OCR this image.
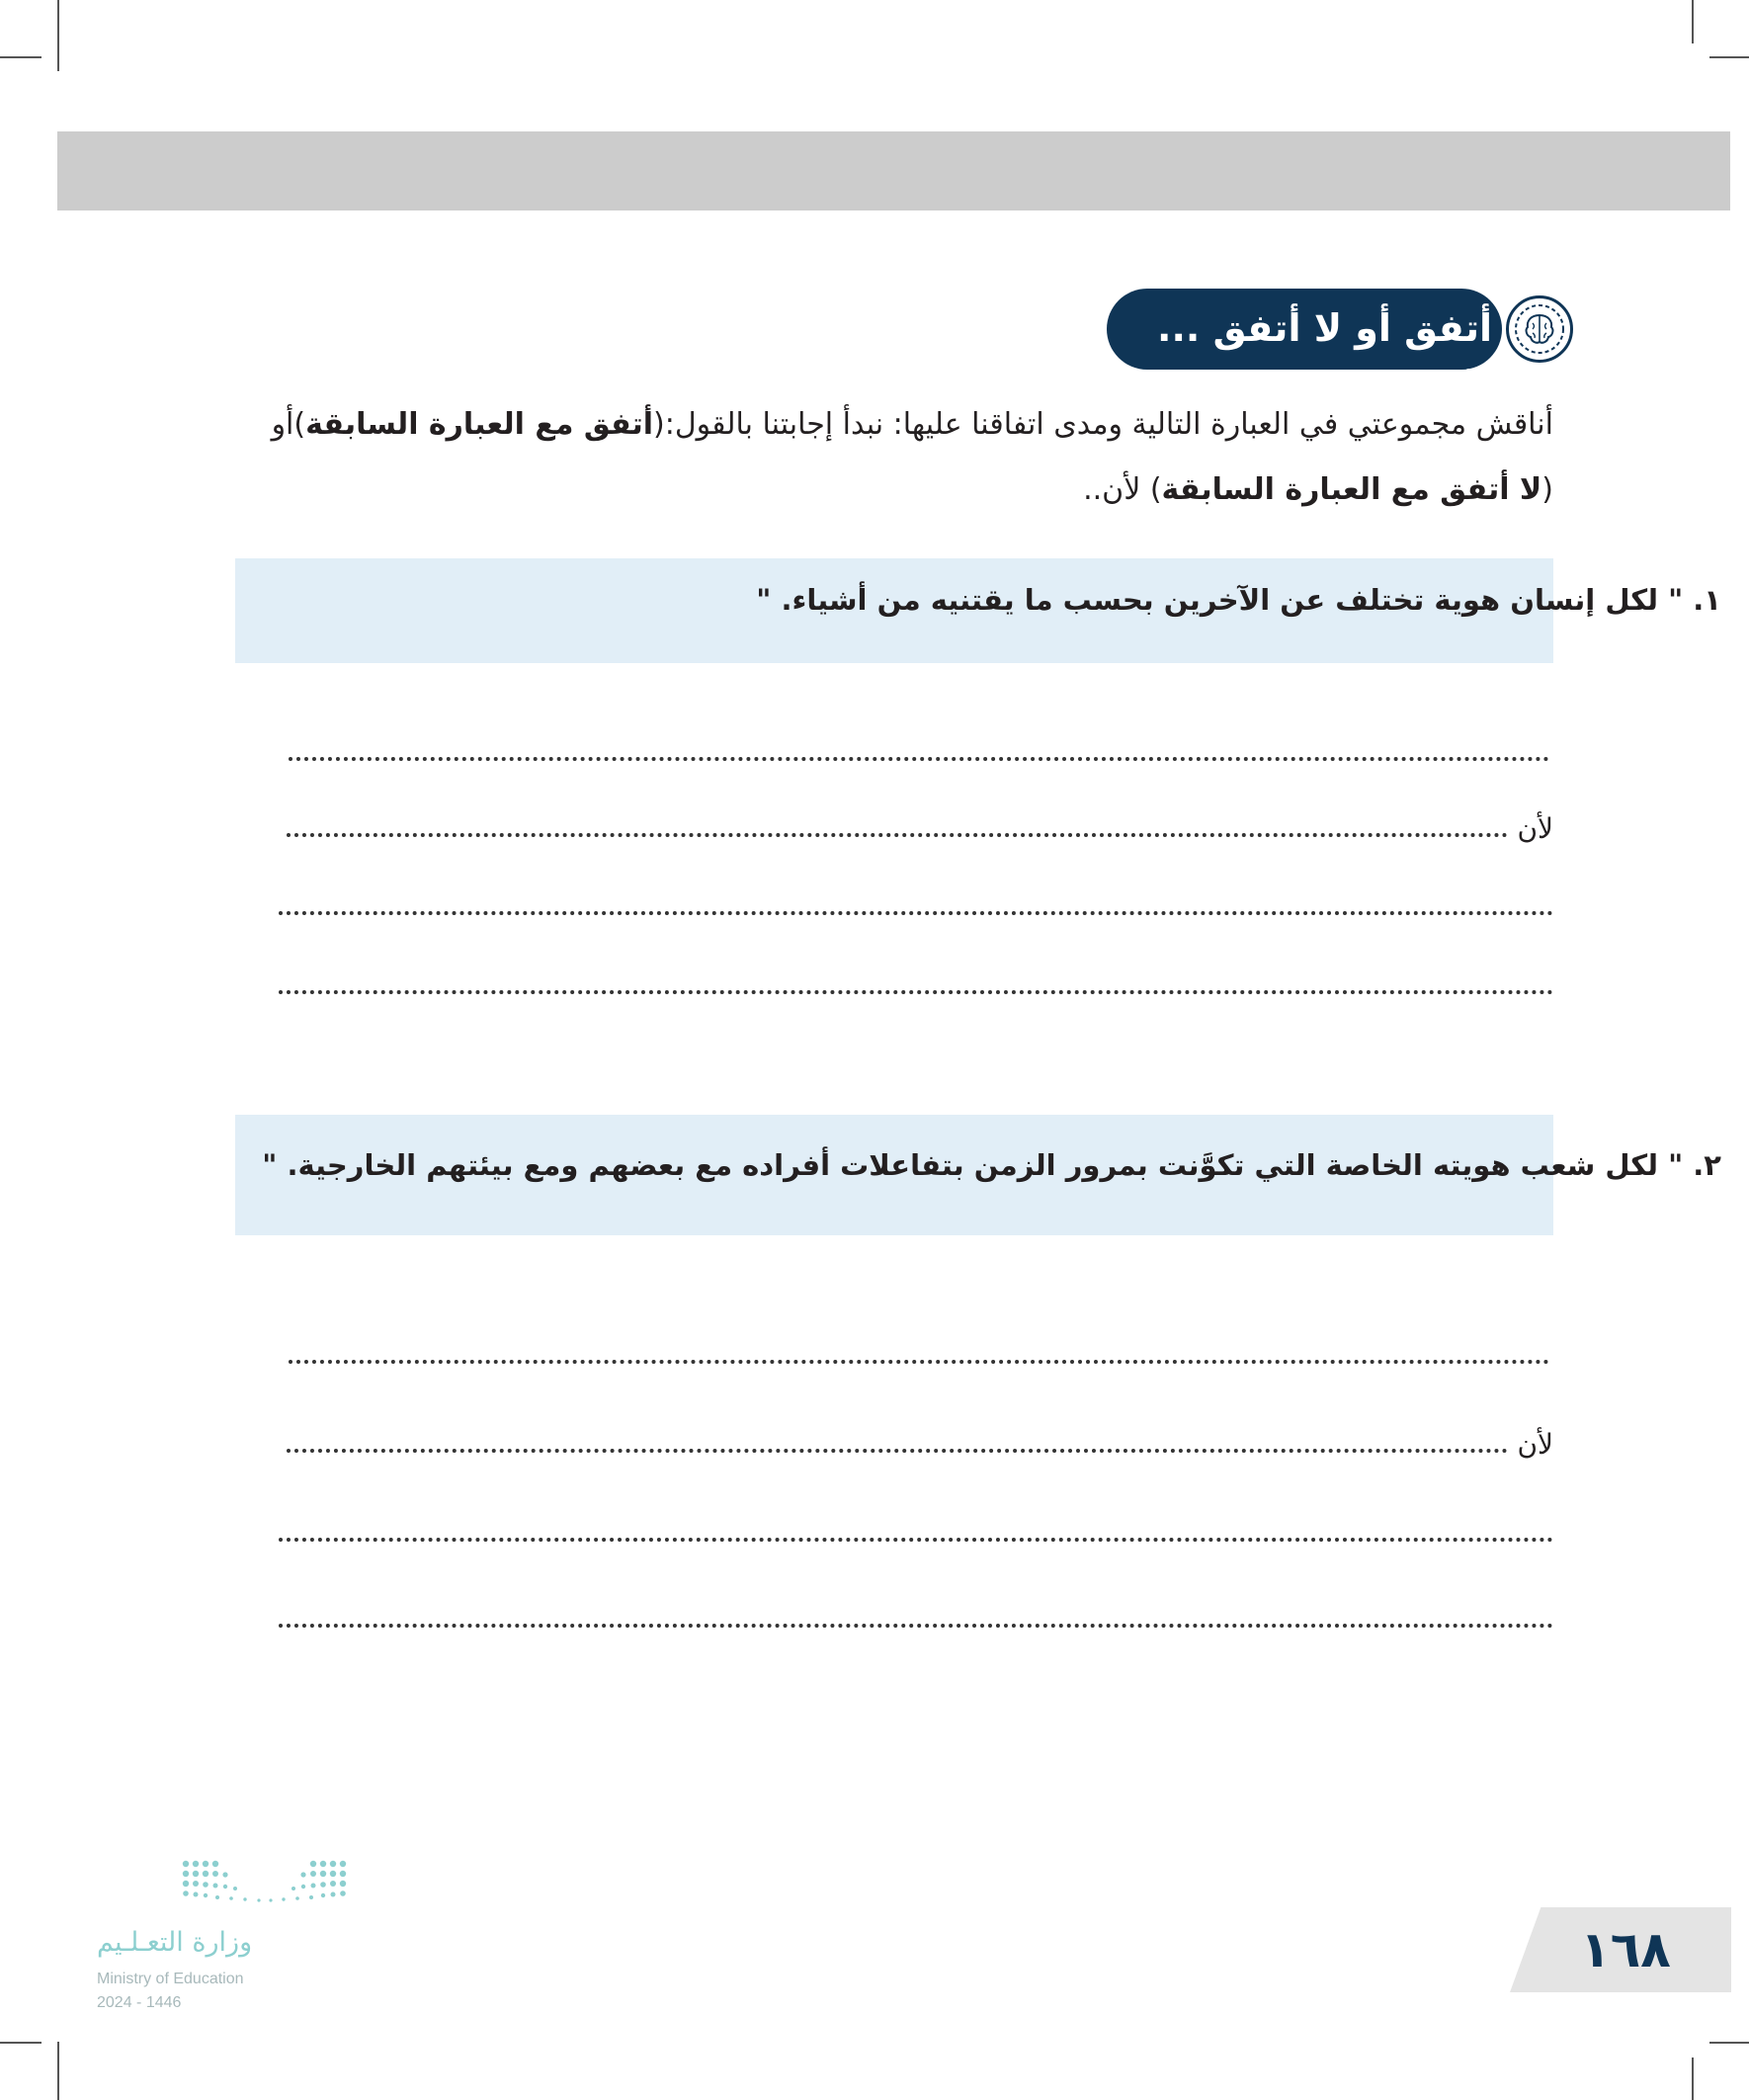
أتفق أو لا أتفق ... لأن
أناقش مجموعتي في العبارة التالية ومدى اتفاقنا عليها: نبدأ إجابتنا بالقول:(أتفق مع العبارة السابقة)أو
(لا أتفق مع العبارة السابقة) لأن..
١. " لكل إنسان هوية تختلف عن الآخرين بحسب ما يقتنيه من أشياء. "
لأن
٢. " لكل شعب هويته الخاصة التي تكوَّنت بمرور الزمن بتفاعلات أفراده مع بعضهم ومع بيئتهم الخارجية. "
لأن
١٦٨
وزارة التعـلـيم
Ministry of Education
2024 - 1446
